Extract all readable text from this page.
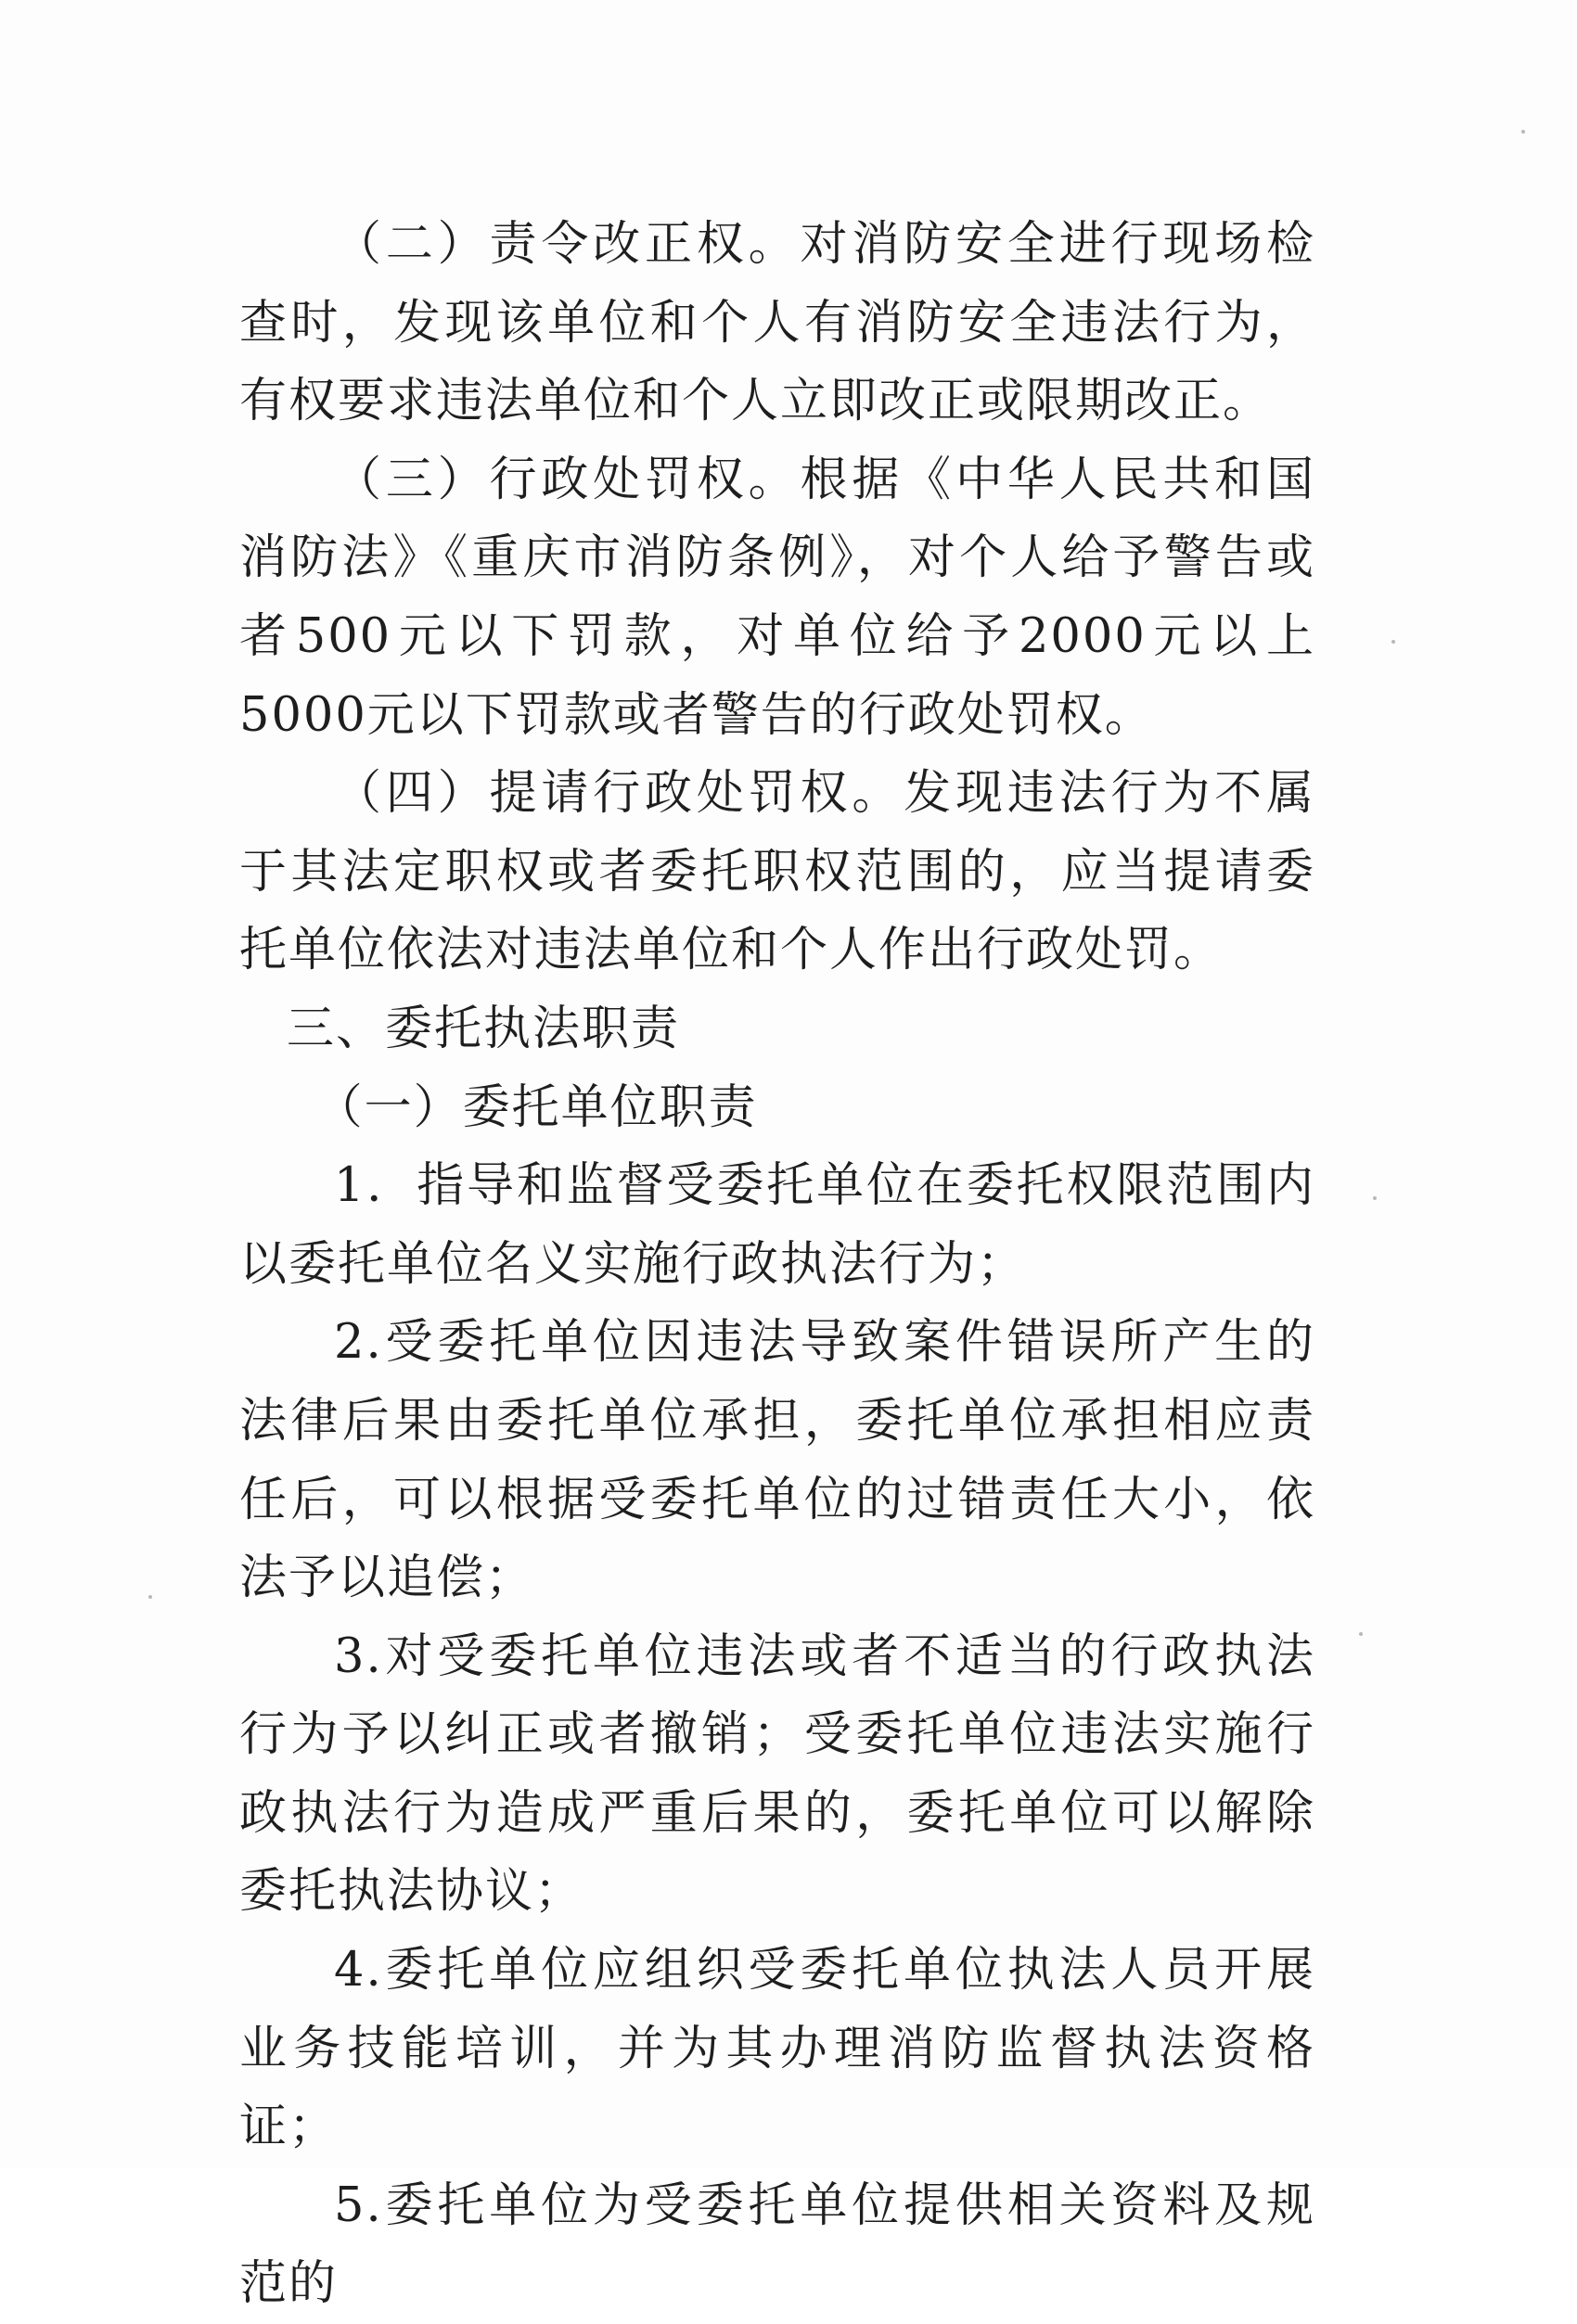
（二）责令改正权。对消防安全进行现场检查时，发现该单位和个人有消防安全违法行为，有权要求违法单位和个人立即改正或限期改正。

（三）行政处罚权。根据《中华人民共和国消防法》《重庆市消防条例》，对个人给予警告或者500元以下罚款，对单位给予2000元以上5000元以下罚款或者警告的行政处罚权。

（四）提请行政处罚权。发现违法行为不属于其法定职权或者委托职权范围的，应当提请委托单位依法对违法单位和个人作出行政处罚。

三、委托执法职责

（一）委托单位职责

1．指导和监督受委托单位在委托权限范围内以委托单位名义实施行政执法行为；

2.受委托单位因违法导致案件错误所产生的法律后果由委托单位承担，委托单位承担相应责任后，可以根据受委托单位的过错责任大小，依法予以追偿；

3.对受委托单位违法或者不适当的行政执法行为予以纠正或者撤销；受委托单位违法实施行政执法行为造成严重后果的，委托单位可以解除委托执法协议；

4.委托单位应组织受委托单位执法人员开展业务技能培训，并为其办理消防监督执法资格证；

5.委托单位为受委托单位提供相关资料及规范的
